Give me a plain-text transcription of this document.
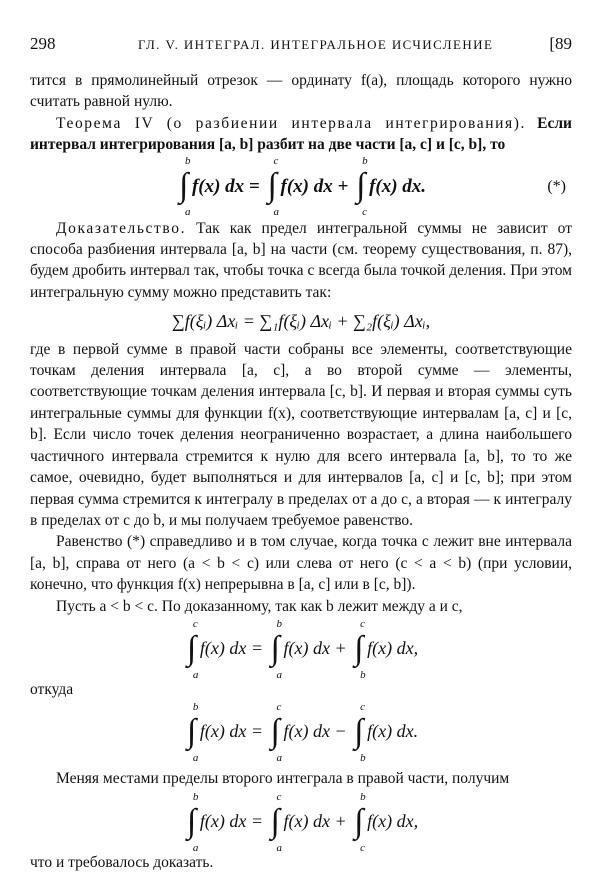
298	ГЛ. V. ИНТЕГРАЛ. ИНТЕГРАЛЬНОЕ ИСЧИСЛЕНИЕ	[89

тится в прямолинейный отрезок — ординату f(a), площадь которого нужно считать равной нулю.

Теорема IV (о разбиении интервала интегрирования). Если интервал интегрирования [a, b] разбит на две части [a, c] и [c, b], то

∫
b
a
f(x) dx = ∫
c
a
f(x) dx + ∫
b
c
f(x) dx.	(*)

Доказательство. Так как предел интегральной суммы не зависит от способа разбиения интервала [a, b] на части (см. теорему существования, п. 87), будем дробить интервал так, чтобы точка c всегда была точкой деления. При этом интегральную сумму можно представить так:

∑f(ξᵢ) Δxᵢ = ∑₁f(ξᵢ) Δxᵢ + ∑₂f(ξᵢ) Δxᵢ,

где в первой сумме в правой части собраны все элементы, соответствующие точкам деления интервала [a, c], а во второй сумме — элементы, соответствующие точкам деления интервала [c, b]. И первая и вторая суммы суть интегральные суммы для функции f(x), соответствующие интервалам [a, c] и [c, b]. Если число точек деления неограниченно возрастает, а длина наибольшего частичного интервала стремится к нулю для всего интервала [a, b], то то же самое, очевидно, будет выполняться и для интервалов [a, c] и [c, b]; при этом первая сумма стремится к интегралу в пределах от a до c, а вторая — к интегралу в пределах от c до b, и мы получаем требуемое равенство.

Равенство (*) справедливо и в том случае, когда точка c лежит вне интервала [a, b], справа от него (a < b < c) или слева от него (c < a < b) (при условии, конечно, что функция f(x) непрерывна в [a, c] или в [c, b]).

Пусть a < b < c. По доказанному, так как b лежит между a и c,

∫
c
a
f(x) dx = ∫
b
a
f(x) dx + ∫
c
b
f(x) dx,

откуда

∫
b
a
f(x) dx = ∫
c
a
f(x) dx − ∫
c
b
f(x) dx.

Меняя местами пределы второго интеграла в правой части, получим

∫
b
a
f(x) dx = ∫
c
a
f(x) dx + ∫
b
c
f(x) dx,

что и требовалось доказать.
